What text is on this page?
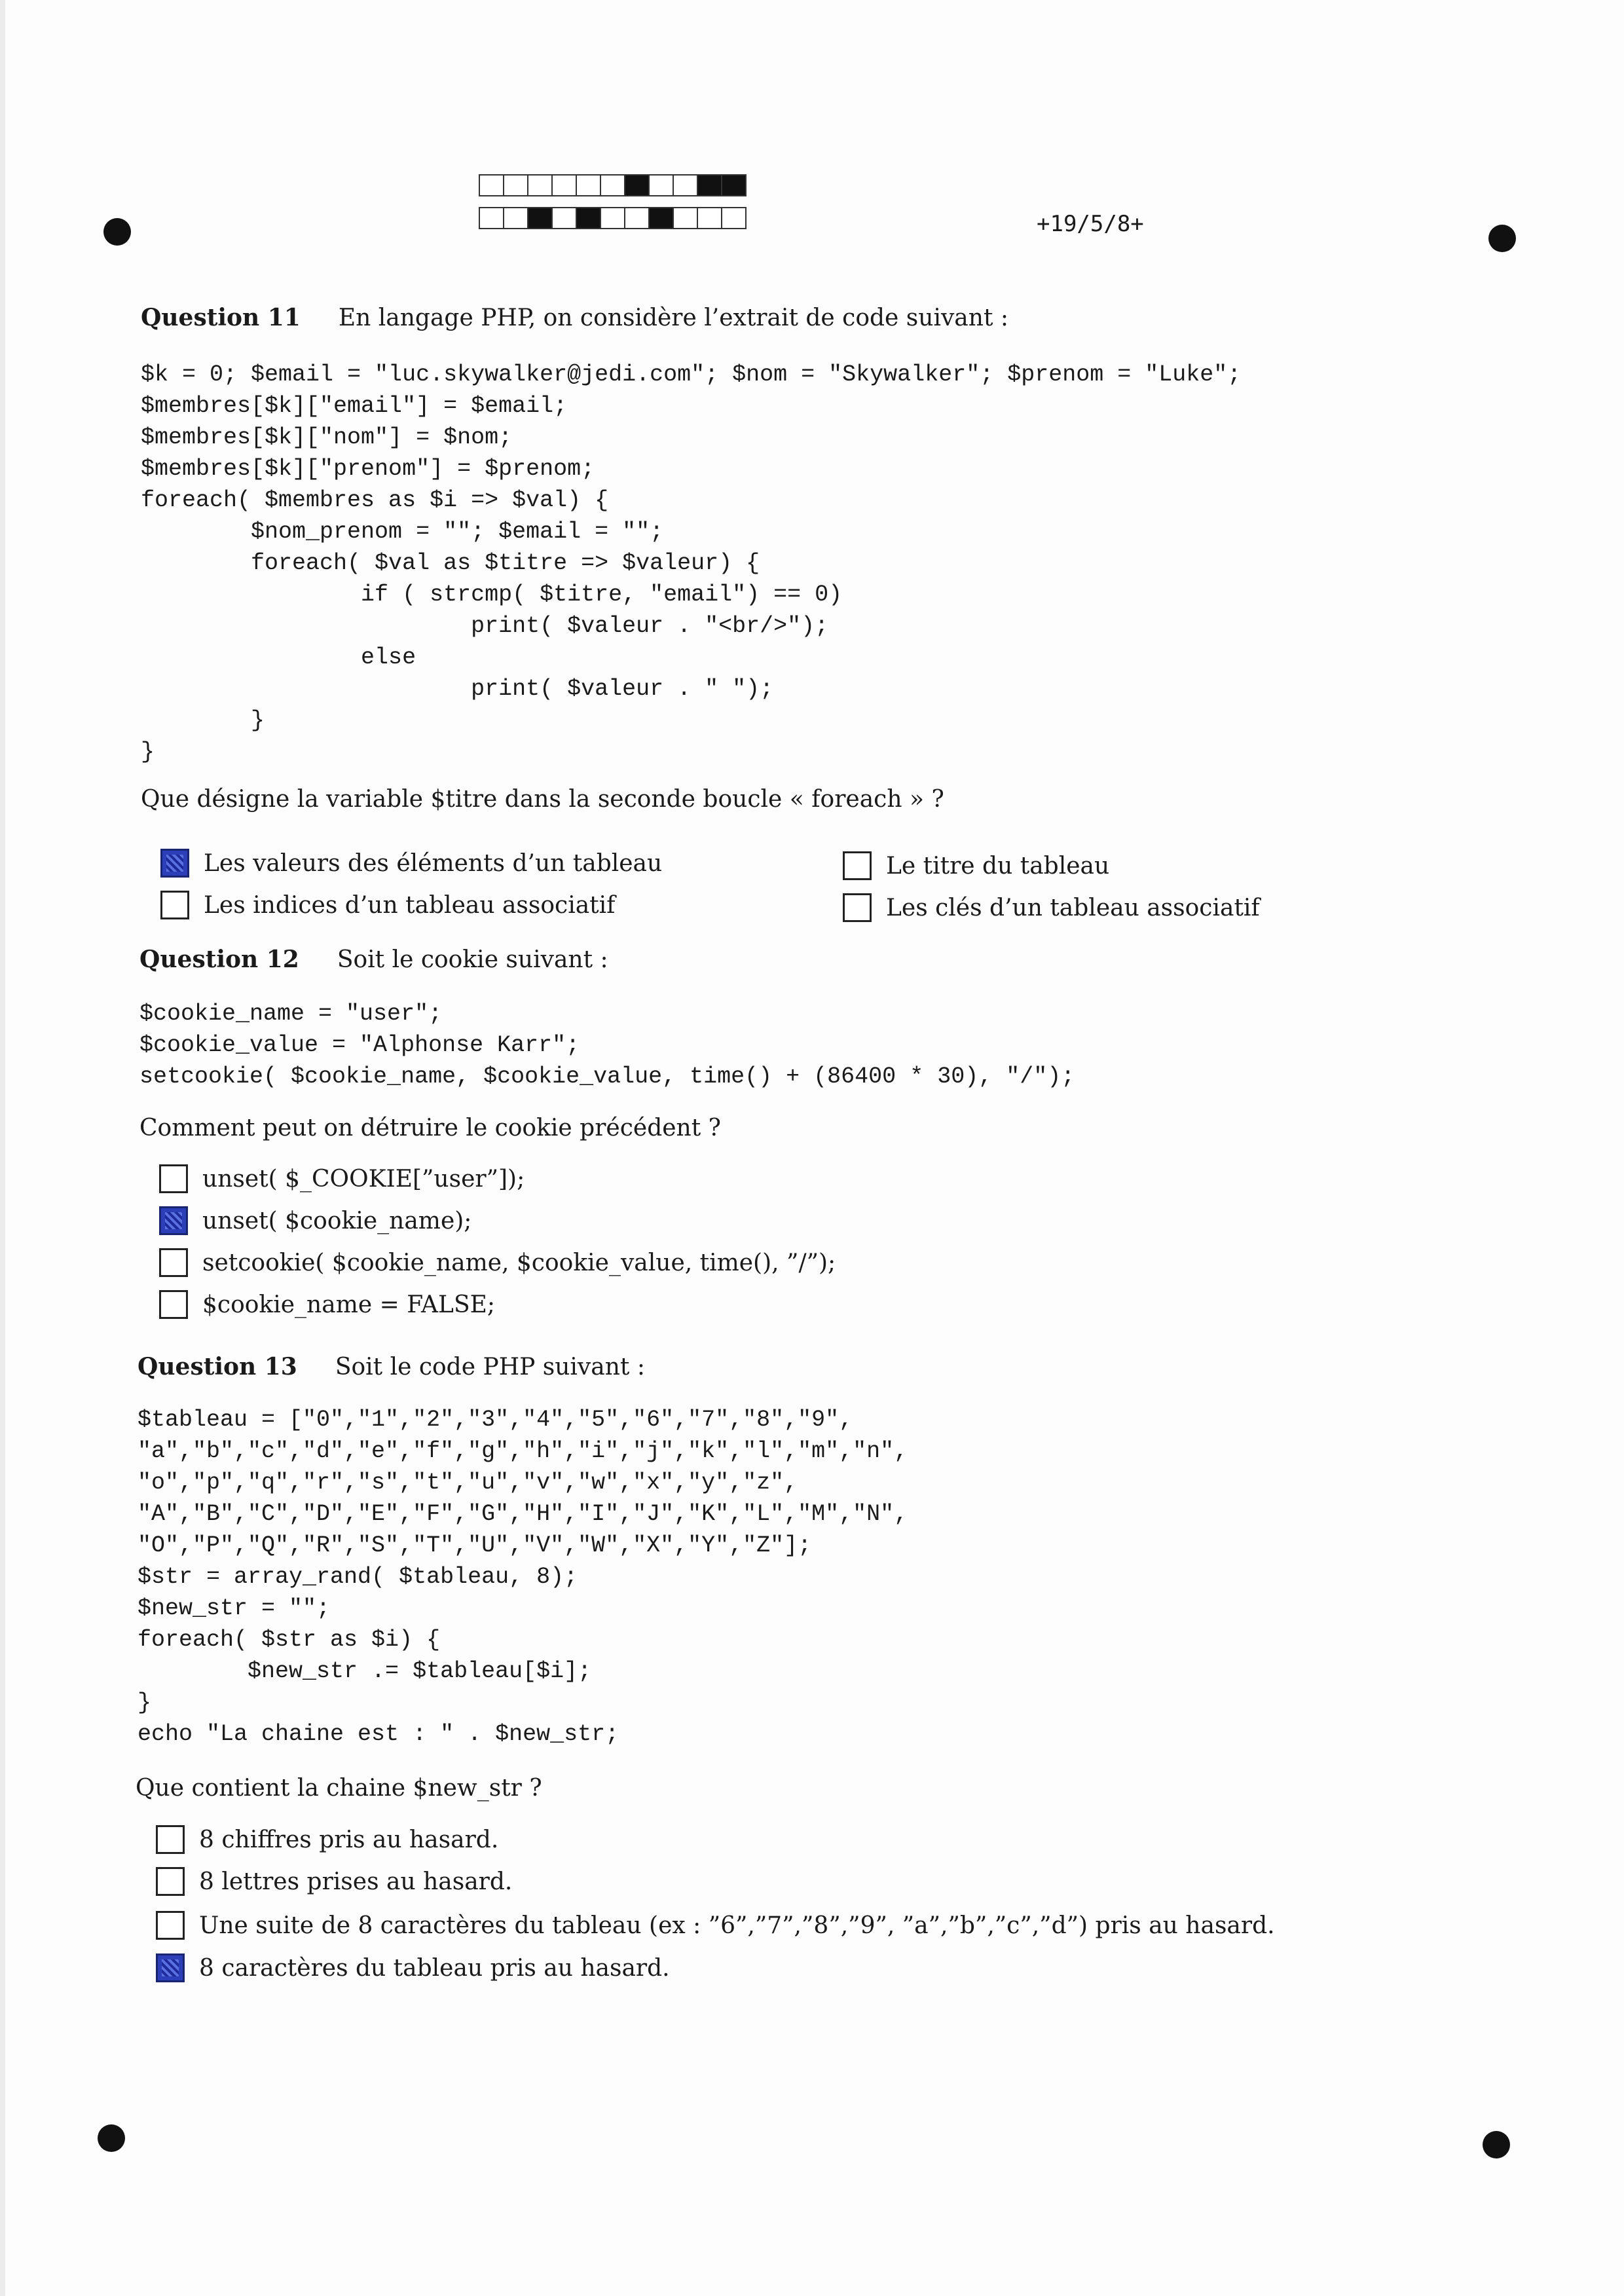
+19/5/8+
Question 11 En langage PHP, on considère l’extrait de code suivant :
$k = 0; $email = "luc.skywalker@jedi.com"; $nom = "Skywalker"; $prenom = "Luke";
$membres[$k]["email"] = $email;
$membres[$k]["nom"] = $nom;
$membres[$k]["prenom"] = $prenom;
foreach( $membres as $i => $val) {
$nom_prenom = ""; $email = "";
foreach( $val as $titre => $valeur) {
if ( strcmp( $titre, "email") == 0)
print( $valeur . "<br/>");
else
print( $valeur . " ");
}
}
Que désigne la variable $titre dans la seconde boucle « foreach » ?
Les valeurs des éléments d’un tableau
Les indices d’un tableau associatif
Le titre du tableau
Les clés d’un tableau associatif
Question 12 Soit le cookie suivant :
$cookie_name = "user";
$cookie_value = "Alphonse Karr";
setcookie( $cookie_name, $cookie_value, time() + (86400 * 30), "/");
Comment peut on détruire le cookie précédent ?
unset( $_COOKIE[”user”]);
unset( $cookie_name);
setcookie( $cookie_name, $cookie_value, time(), ”/”);
$cookie_name = FALSE;
Question 13 Soit le code PHP suivant :
$tableau = ["0","1","2","3","4","5","6","7","8","9",
"a","b","c","d","e","f","g","h","i","j","k","l","m","n",
"o","p","q","r","s","t","u","v","w","x","y","z",
"A","B","C","D","E","F","G","H","I","J","K","L","M","N",
"O","P","Q","R","S","T","U","V","W","X","Y","Z"];
$str = array_rand( $tableau, 8);
$new_str = "";
foreach( $str as $i) {
$new_str .= $tableau[$i];
}
echo "La chaine est : " . $new_str;
Que contient la chaine $new_str ?
8 chiffres pris au hasard.
8 lettres prises au hasard.
Une suite de 8 caractères du tableau (ex : ”6”,”7”,”8”,”9”, ”a”,”b”,”c”,”d”) pris au hasard.
8 caractères du tableau pris au hasard.
